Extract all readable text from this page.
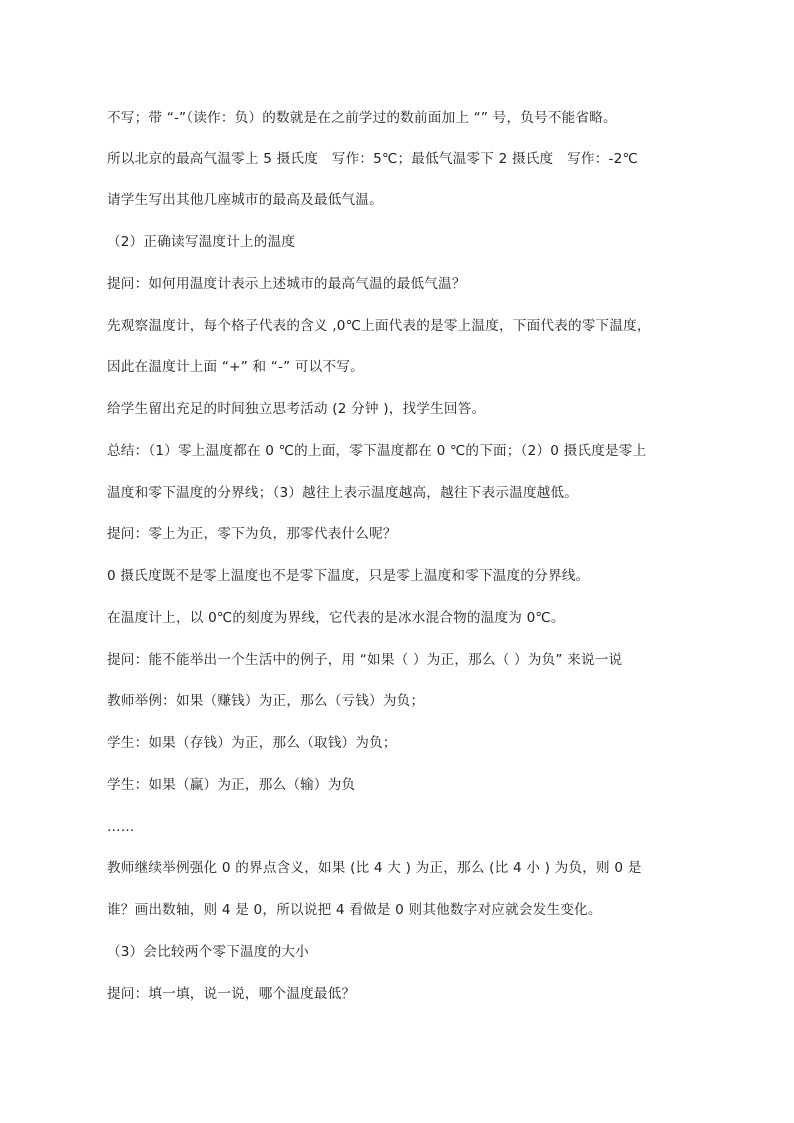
不写；带 “-”（读作：负）的数就是在之前学过的数前面加上 “” 号，负号不能省略。
所以北京的最高气温零上 5 摄氏度　写作：5℃；最低气温零下 2 摄氏度　写作：-2℃
请学生写出其他几座城市的最高及最低气温。
（2）正确读写温度计上的温度
提问：如何用温度计表示上述城市的最高气温的最低气温？
先观察温度计，每个格子代表的含义 ,0℃上面代表的是零上温度，下面代表的零下温度，
因此在温度计上面 “+” 和 “-” 可以不写。
给学生留出充足的时间独立思考活动 (2 分钟 )，找学生回答。
总结：（1）零上温度都在 0 ℃的上面，零下温度都在 0 ℃的下面；（2）0 摄氏度是零上
温度和零下温度的分界线；（3）越往上表示温度越高，越往下表示温度越低。
提问：零上为正，零下为负，那零代表什么呢？
0 摄氏度既不是零上温度也不是零下温度，只是零上温度和零下温度的分界线。
在温度计上，以 0℃的刻度为界线，它代表的是冰水混合物的温度为 0℃。
提问：能不能举出一个生活中的例子，用 “如果（ ）为正，那么（ ）为负” 来说一说
教师举例：如果（赚钱）为正，那么（亏钱）为负；
学生：如果（存钱）为正，那么（取钱）为负；
学生：如果（赢）为正，那么（输）为负
……
教师继续举例强化 0 的界点含义，如果 (比 4 大 ) 为正，那么 (比 4 小 ) 为负，则 0 是
谁？画出数轴，则 4 是 0，所以说把 4 看做是 0 则其他数字对应就会发生变化。
（3）会比较两个零下温度的大小
提问：填一填，说一说，哪个温度最低？
